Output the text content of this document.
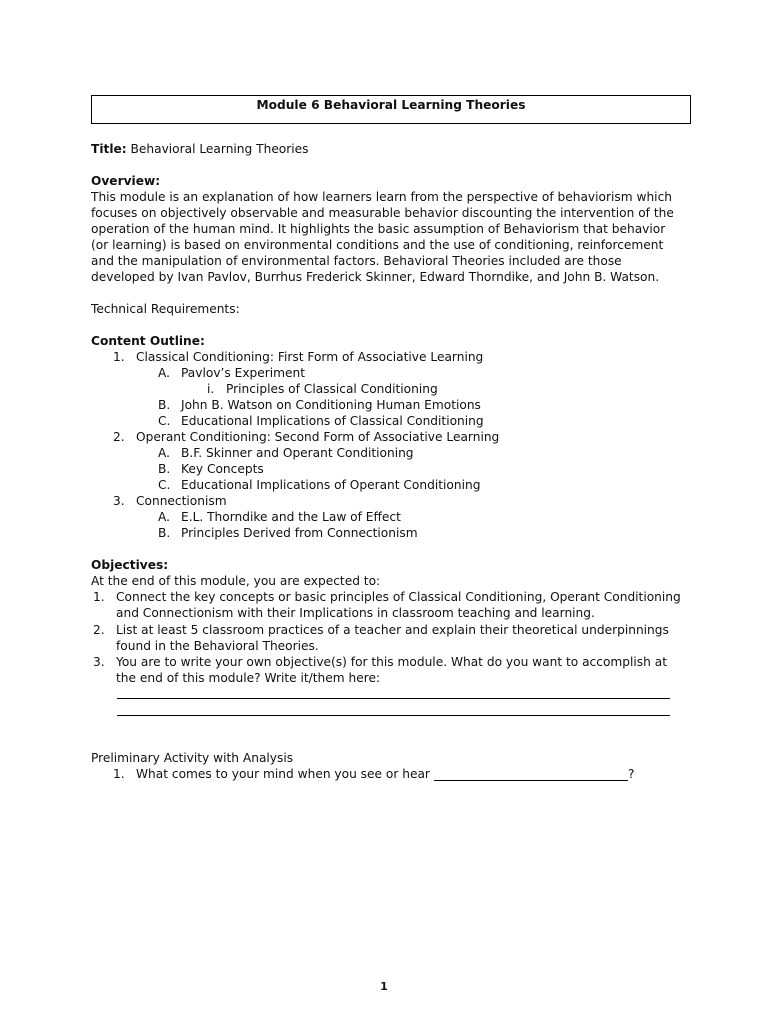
Module 6 Behavioral Learning Theories
Title: Behavioral Learning Theories
Overview:
This module is an explanation of how learners learn from the perspective of behaviorism which
focuses on objectively observable and measurable behavior discounting the intervention of the
operation of the human mind. It highlights the basic assumption of Behaviorism that behavior
(or learning) is based on environmental conditions and the use of conditioning, reinforcement
and the manipulation of environmental factors. Behavioral Theories included are those
developed by Ivan Pavlov, Burrhus Frederick Skinner, Edward Thorndike, and John B. Watson.
Technical Requirements:
Content Outline:
1. Classical Conditioning: First Form of Associative Learning
A. Pavlov’s Experiment
i. Principles of Classical Conditioning
B. John B. Watson on Conditioning Human Emotions
C. Educational Implications of Classical Conditioning
2. Operant Conditioning: Second Form of Associative Learning
A. B.F. Skinner and Operant Conditioning
B. Key Concepts
C. Educational Implications of Operant Conditioning
3. Connectionism
A. E.L. Thorndike and the Law of Effect
B. Principles Derived from Connectionism
Objectives:
At the end of this module, you are expected to:
1. Connect the key concepts or basic principles of Classical Conditioning, Operant Conditioning
and Connectionism with their Implications in classroom teaching and learning.
2. List at least 5 classroom practices of a teacher and explain their theoretical underpinnings
found in the Behavioral Theories.
3. You are to write your own objective(s) for this module. What do you want to accomplish at
the end of this module? Write it/them here:
Preliminary Activity with Analysis
1. What comes to your mind when you see or hear	?
1
